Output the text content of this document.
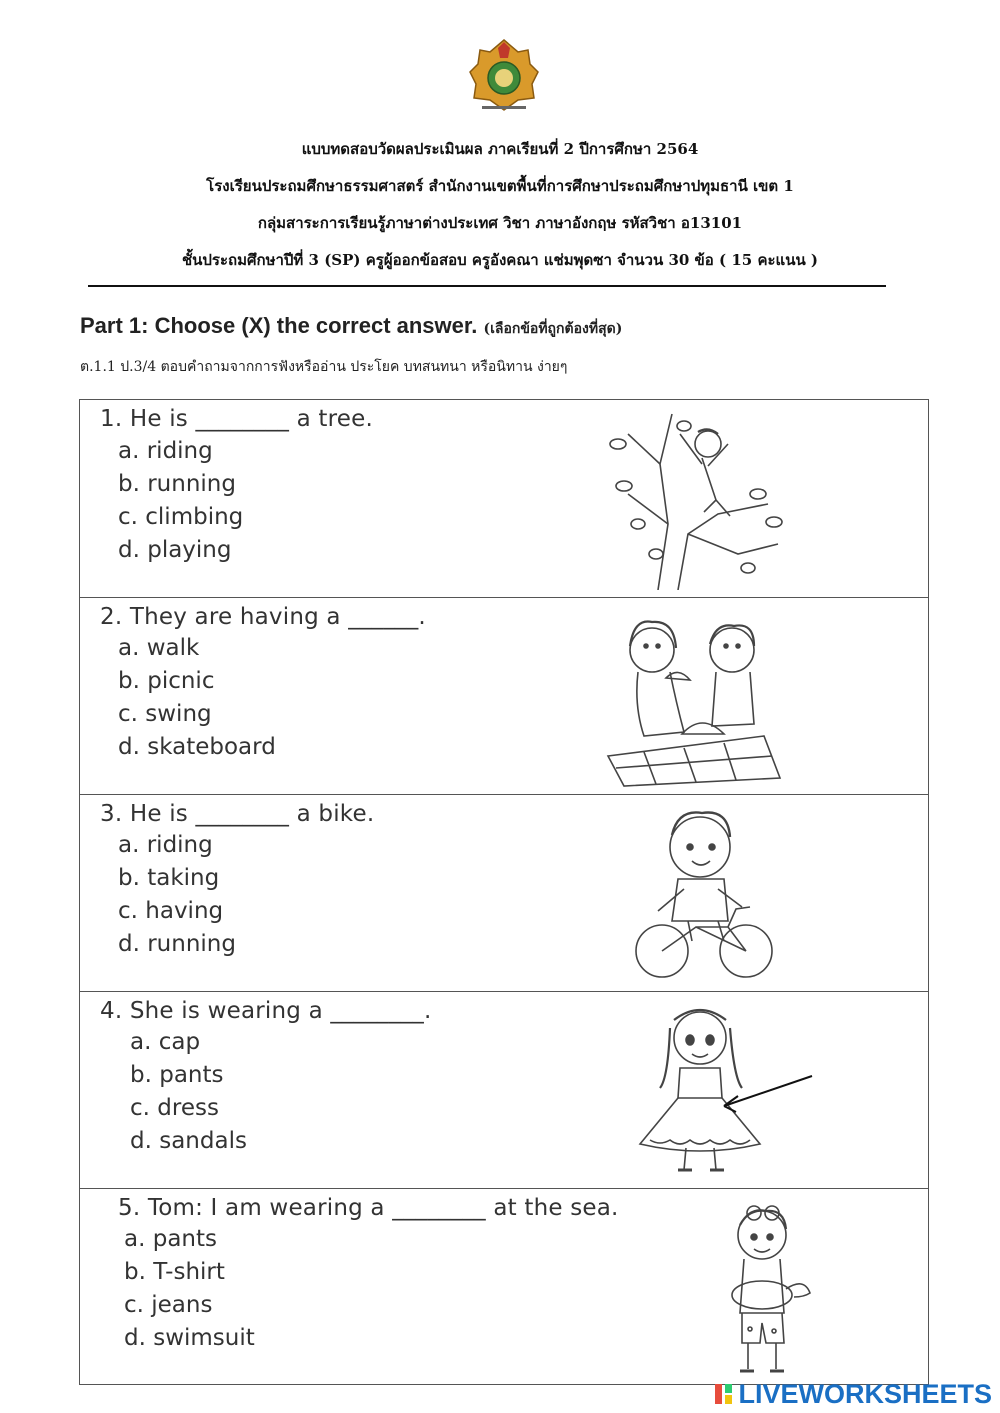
แบบทดสอบวัดผลประเมินผล ภาคเรียนที่ 2 ปีการศึกษา 2564
โรงเรียนประถมศึกษาธรรมศาสตร์ สำนักงานเขตพื้นที่การศึกษาประถมศึกษาปทุมธานี เขต 1
กลุ่มสาระการเรียนรู้ภาษาต่างประเทศ วิชา ภาษาอังกฤษ รหัสวิชา อ13101
ชั้นประถมศึกษาปีที่ 3 (SP) ครูผู้ออกข้อสอบ ครูอังคณา แช่มพุดซา จำนวน 30 ข้อ ( 15 คะแนน )
Part 1: Choose (X) the correct answer. (เลือกข้อที่ถูกต้องที่สุด)
ต.1.1 ป.3/4 ตอบคำถามจากการฟังหรืออ่าน ประโยค บทสนทนา หรือนิทาน ง่ายๆ
1. He is ________ a tree.
a. riding
b. running
c. climbing
d. playing
2. They are having a ______.
a. walk
b. picnic
c. swing
d. skateboard
3. He is ________ a bike.
a. riding
b. taking
c. having
d. running
4. She is wearing a ________.
a. cap
b. pants
c. dress
d. sandals
5. Tom: I am wearing a ________ at the sea.
a. pants
b. T-shirt
c. jeans
d. swimsuit
LIVEWORKSHEETS
